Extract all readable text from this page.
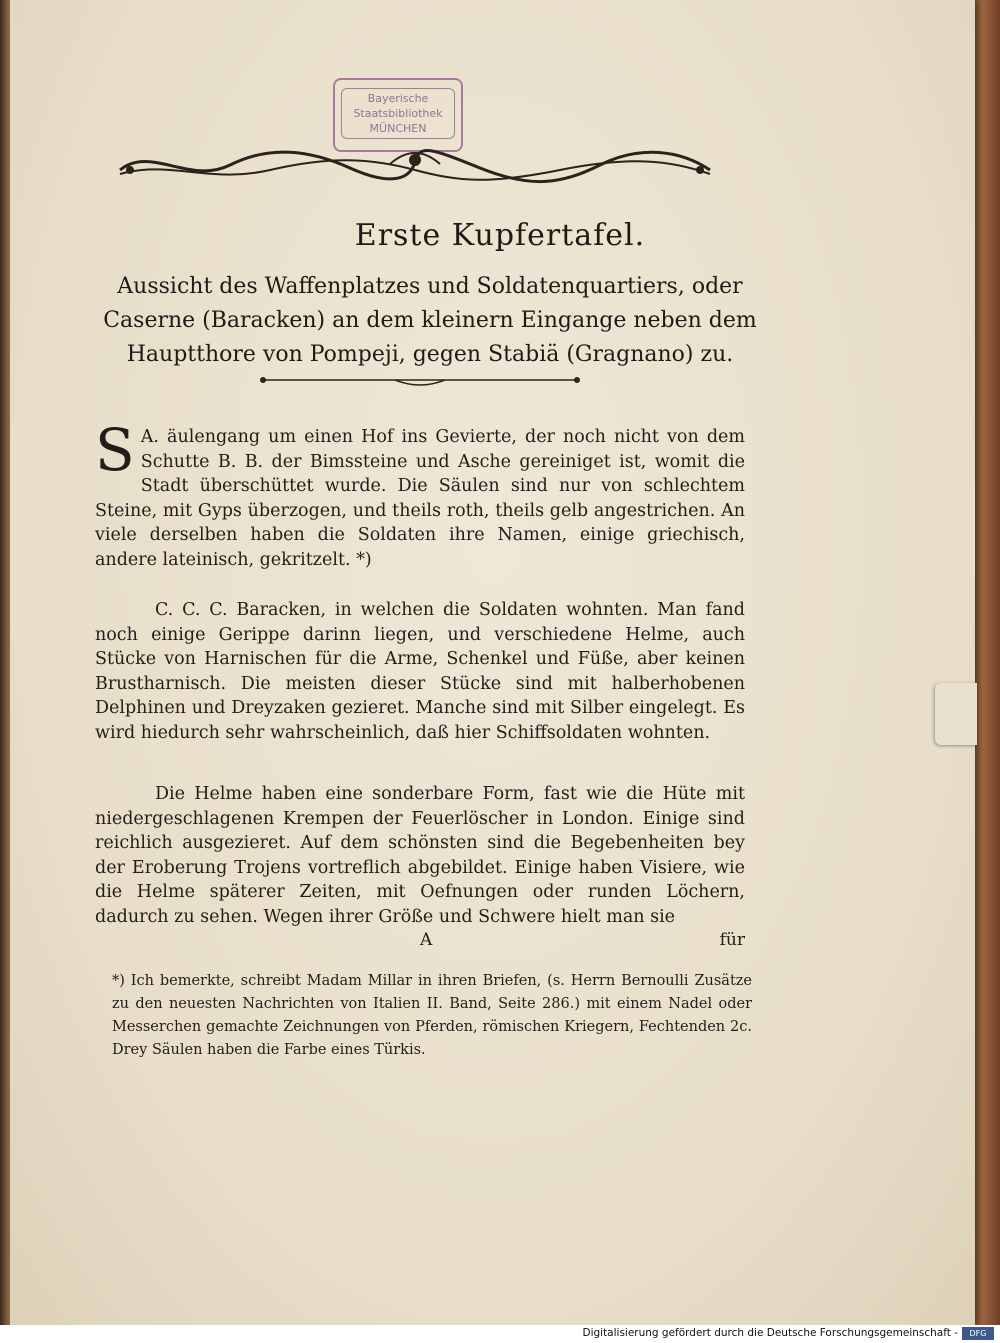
Bayerische
Staatsbibliothek
MÜNCHEN
Erste Kupfertafel.
Aussicht des Waffenplatzes und Soldatenquartiers, oder Caserne (Baracken) an dem kleinern Eingange neben dem Hauptthore von Pompeji, gegen Stabiä (Gragnano) zu.

A.
S äulengang um einen Hof ins Gevierte, der noch nicht von dem Schutte B. B. der Bimssteine und Asche gereiniget ist, womit die Stadt überschüttet wurde. Die Säulen sind nur von schlechtem Steine, mit Gyps überzogen, und theils roth, theils gelb angestrichen. An viele derselben haben die Soldaten ihre Namen, einige griechisch, andere lateinisch, gekritzelt. *)

C. C. C. Baracken, in welchen die Soldaten wohnten. Man fand noch einige Gerippe darinn liegen, und verschiedene Helme, auch Stücke von Harnischen für die Arme, Schenkel und Füße, aber keinen Brustharnisch. Die meisten dieser Stücke sind mit halberhobenen Delphinen und Dreyzaken gezieret. Manche sind mit Silber eingelegt. Es wird hiedurch sehr wahrscheinlich, daß hier Schiffsoldaten wohnten.
Die Helme haben eine sonderbare Form, fast wie die Hüte mit niedergeschlagenen Krempen der Feuerlöscher in London. Einige sind reichlich ausgezieret. Auf dem schönsten sind die Begebenheiten bey der Eroberung Trojens vortreflich abgebildet. Einige haben Visiere, wie die Helme späterer Zeiten, mit Oefnungen oder runden Löchern, dadurch zu sehen. Wegen ihrer Größe und Schwere hielt man sie
A	für
*) Ich bemerkte, schreibt Madam Millar in ihren Briefen, (s. Herrn Bernoulli Zusätze zu den neuesten Nachrichten von Italien II. Band, Seite 286.) mit einem Nadel oder Messerchen gemachte Zeichnungen von Pferden, römischen Kriegern, Fechtenden 2c. Drey Säulen haben die Farbe eines Türkis.
Digitalisierung gefördert durch die Deutsche Forschungsgemeinschaft -	DFG
